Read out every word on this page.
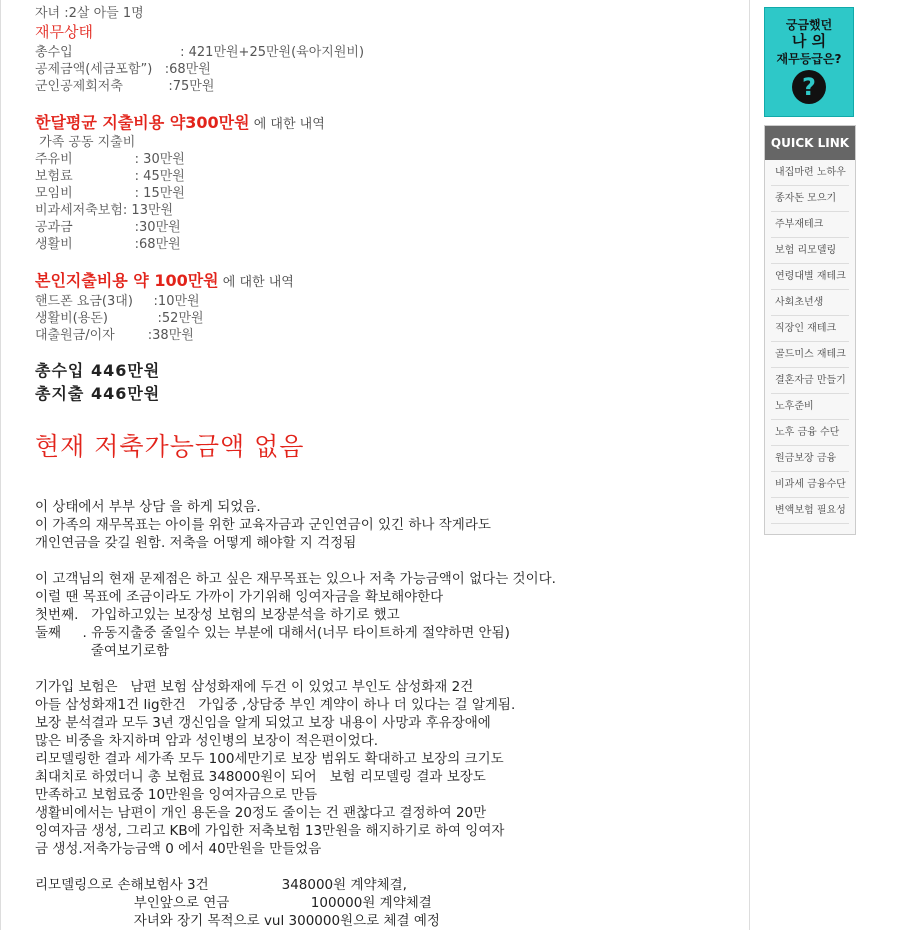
자녀 :2살 아들 1명
재무상태
총수입                          : 421만원+25만원(육아지원비)
공제금액(세금포함”)   :68만원
군인공제회저축           :75만원
한달평균 지출비용 약300만원 에 대한 내역
가족 공동 지출비
주유비               : 30만원
보험료               : 45만원
모임비               : 15만원
비과세저축보험: 13만원
공과금               :30만원
생활비               :68만원
본인지출비용 약 100만원 에 대한 내역
핸드폰 요금(3대)     :10만원
생활비(용돈)            :52만원
대출원금/이자        :38만원
총수입 446만원
총지출 446만원
현재 저축가능금액 없음
이 상태에서 부부 상담 을 하게 되었음.
이 가족의 재무목표는 아이를 위한 교육자금과 군인연금이 있긴 하나 작게라도
개인연금을 갖길 원함. 저축을 어떻게 해야할 지 걱정됨
이 고객님의 현재 문제점은 하고 싶은 재무목표는 있으나 저축 가능금액이 없다는 것이다.
이럴 땐 목표에 조금이라도 가까이 가기위해 잉여자금을 확보해야한다
첫번째.   가입하고있는 보장성 보험의 보장분석을 하기로 했고
둘째     . 유동지출중 줄일수 있는 부분에 대해서(너무 타이트하게 절약하면 안됨)
줄여보기로함
기가입 보험은   남편 보험 삼성화재에 두건 이 있었고 부인도 삼성화재 2건
아들 삼성화재1건 lig한건   가입중 ,상담중 부인 계약이 하나 더 있다는 걸 알게됨.
보장 분석결과 모두 3년 갱신임을 알게 되었고 보장 내용이 사망과 후유장애에
많은 비중을 차지하며 암과 성인병의 보장이 적은편이었다.
리모델링한 결과 세가족 모두 100세만기로 보장 범위도 확대하고 보장의 크기도
최대치로 하였더니 총 보험료 348000원이 되어   보험 리모델링 결과 보장도
만족하고 보험료중 10만원을 잉여자금으로 만듬
생활비에서는 남편이 개인 용돈을 20정도 줄이는 건 괜찮다고 결정하여 20만
잉여자금 생성, 그리고 KB에 가입한 저축보험 13만원을 해지하기로 하여 잉여자
금 생성.저축가능금액 0 에서 40만원을 만들었음
리모델링으로 손해보험사 3건                 348000원 계약체결,
부인앞으로 연금                   100000원 계약체결
자녀와 장기 목적으로 vul 300000원으로 체결 예정
궁금했던
나 의
재무등급은?
?
QUICK LINK
내집마련 노하우
종자돈 모으기
주부재테크
보험 리모델링
연령대별 재테크
사회초년생
직장인 재테크
골드미스 재테크
결혼자금 만들기
노후준비
노후 금융 수단
원금보장 금융
비과세 금융수단
변액보험 필요성
